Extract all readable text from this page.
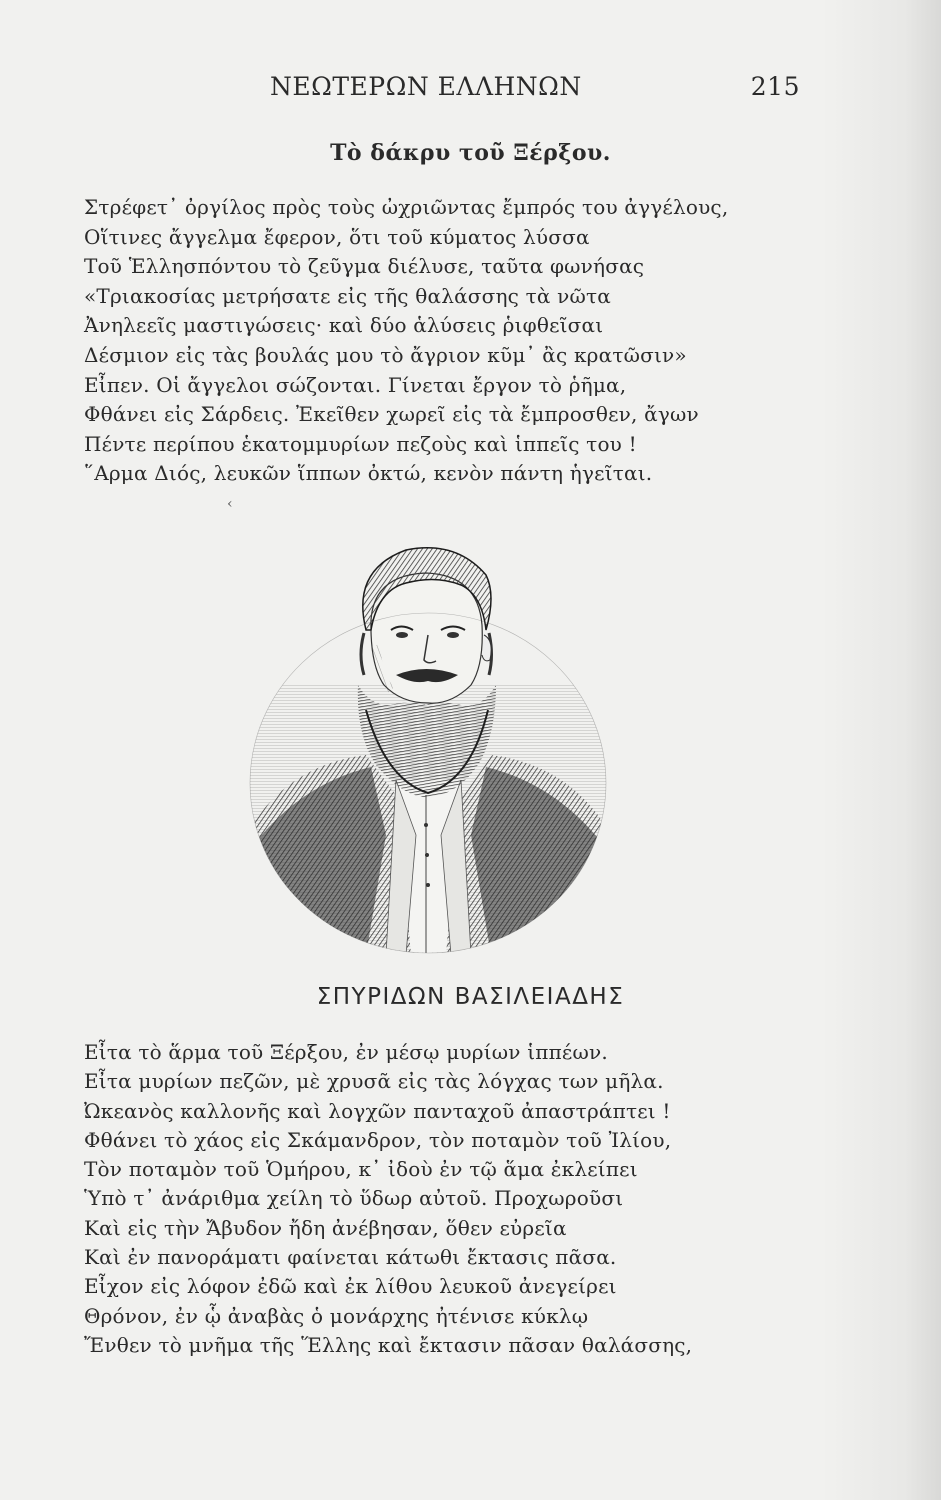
ΝΕΩΤΕΡΩΝ ΕΛΛΗΝΩΝ	215
Τὸ δάκρυ τοῦ Ξέρξου.
Στρέφετ᾽ ὀργίλος πρὸς τοὺς ὠχριῶντας ἔμπρός του ἀγγέλους,
Οἵτινες ἄγγελμα ἔφερον, ὅτι τοῦ κύματος λύσσα
Τοῦ Ἑλλησπόντου τὸ ζεῦγμα διέλυσε, ταῦτα φωνήσας
«Τριακοσίας μετρήσατε εἰς τῆς θαλάσσης τὰ νῶτα
Ἀνηλεεῖς μαστιγώσεις· καὶ δύο ἁλύσεις ῥιφθεῖσαι
Δέσμιον εἰς τὰς βουλάς μου τὸ ἄγριον κῦμ᾽ ἂς κρατῶσιν»
Εἶπεν. Οἱ ἄγγελοι σώζονται. Γίνεται ἔργον τὸ ῥῆμα,
Φθάνει εἰς Σάρδεις. Ἐκεῖθεν χωρεῖ εἰς τὰ ἔμπροσθεν, ἄγων
Πέντε περίπου ἑκατομμυρίων πεζοὺς καὶ ἱππεῖς του !
῞Αρμα Διός, λευκῶν ἵππων ὀκτώ, κενὸν πάντη ἡγεῖται.
‹
ΣΠΥΡΙΔΩΝ ΒΑΣΙΛΕΙΑΔΗΣ
Εἶτα τὸ ἅρμα τοῦ Ξέρξου, ἐν μέσῳ μυρίων ἱππέων.
Εἶτα μυρίων πεζῶν, μὲ χρυσᾶ εἰς τὰς λόγχας των μῆλα.
Ὠκεανὸς καλλονῆς καὶ λογχῶν πανταχοῦ ἀπαστράπτει !
Φθάνει τὸ χάος εἰς Σκάμανδρον, τὸν ποταμὸν τοῦ Ἰλίου,
Τὸν ποταμὸν τοῦ Ὁμήρου, κ᾽ ἰδοὺ ἐν τῷ ἅμα ἐκλείπει
Ὑπὸ τ᾽ ἀνάριθμα χείλη τὸ ὕδωρ αὐτοῦ. Προχωροῦσι
Καὶ εἰς τὴν Ἄβυδον ἤδη ἀνέβησαν, ὅθεν εὐρεῖα
Καὶ ἐν πανοράματι φαίνεται κάτωθι ἔκτασις πᾶσα.
Εἶχον εἰς λόφον ἐδῶ καὶ ἐκ λίθου λευκοῦ ἀνεγείρει
Θρόνον, ἐν ᾧ ἀναβὰς ὁ μονάρχης ἠτένισε κύκλῳ
Ἔνθεν τὸ μνῆμα τῆς Ἕλλης καὶ ἔκτασιν πᾶσαν θαλάσσης,
